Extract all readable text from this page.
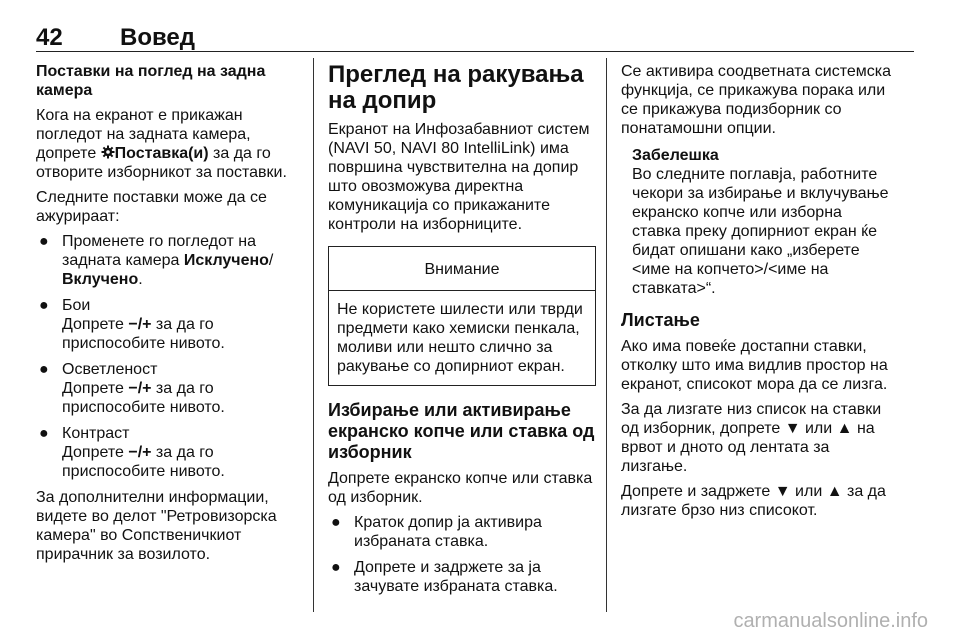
42 Вовед

Поставки на поглед на задна камера

Кога на екранот е прикажан погледот на задната камера, допрете Поставка(и) за да го отворите изборникот за поставки.

Следните поставки може да се ажурираат:

● Променете го погледот на задната камера Исклучено/
Вклучено.
● Бои
Допрете −/+ за да го приспособите нивото.
● Осветленост
Допрете −/+ за да го приспособите нивото.
● Контраст
Допрете −/+ за да го приспособите нивото.

За дополнителни информации, видете во делот "Ретровизорска камера" во Сопственичкиот прирачник за возилото.

Преглед на ракувања на допир

Екранот на Инфозабавниот систем (NAVI 50, NAVI 80 IntelliLink) има површина чувствителна на допир што овозможува директна комуникација со прикажаните контроли на изборниците.

Внимание
Не користете шилести или тврди предмети како хемиски пенкала, моливи или нешто слично за ракување со допирниот екран.

Избирање или активирање екранско копче или ставка од изборник

Допрете екранско копче или ставка од изборник.

● Краток допир ја активира избраната ставка.
● Допрете и задржете за ја зачувате избраната ставка.

Се активира соодветната системска функција, се прикажува порака или се прикажува подизборник со понатамошни опции.

Забелешка
Во следните поглавја, работните чекори за избирање и вклучување екранско копче или изборна ставка преку допирниот екран ќе бидат опишани како „изберете <име на копчето>/<име на ставката>“.

Листање

Ако има повеќе достапни ставки, отколку што има видлив простор на екранот, списокот мора да се лизга.

За да лизгате низ список на ставки од изборник, допрете ▼ или ▲ на врвот и дното од лентата за лизгање.

Допрете и задржете ▼ или ▲ за да лизгате брзо низ списокот.

carmanualsonline.info
